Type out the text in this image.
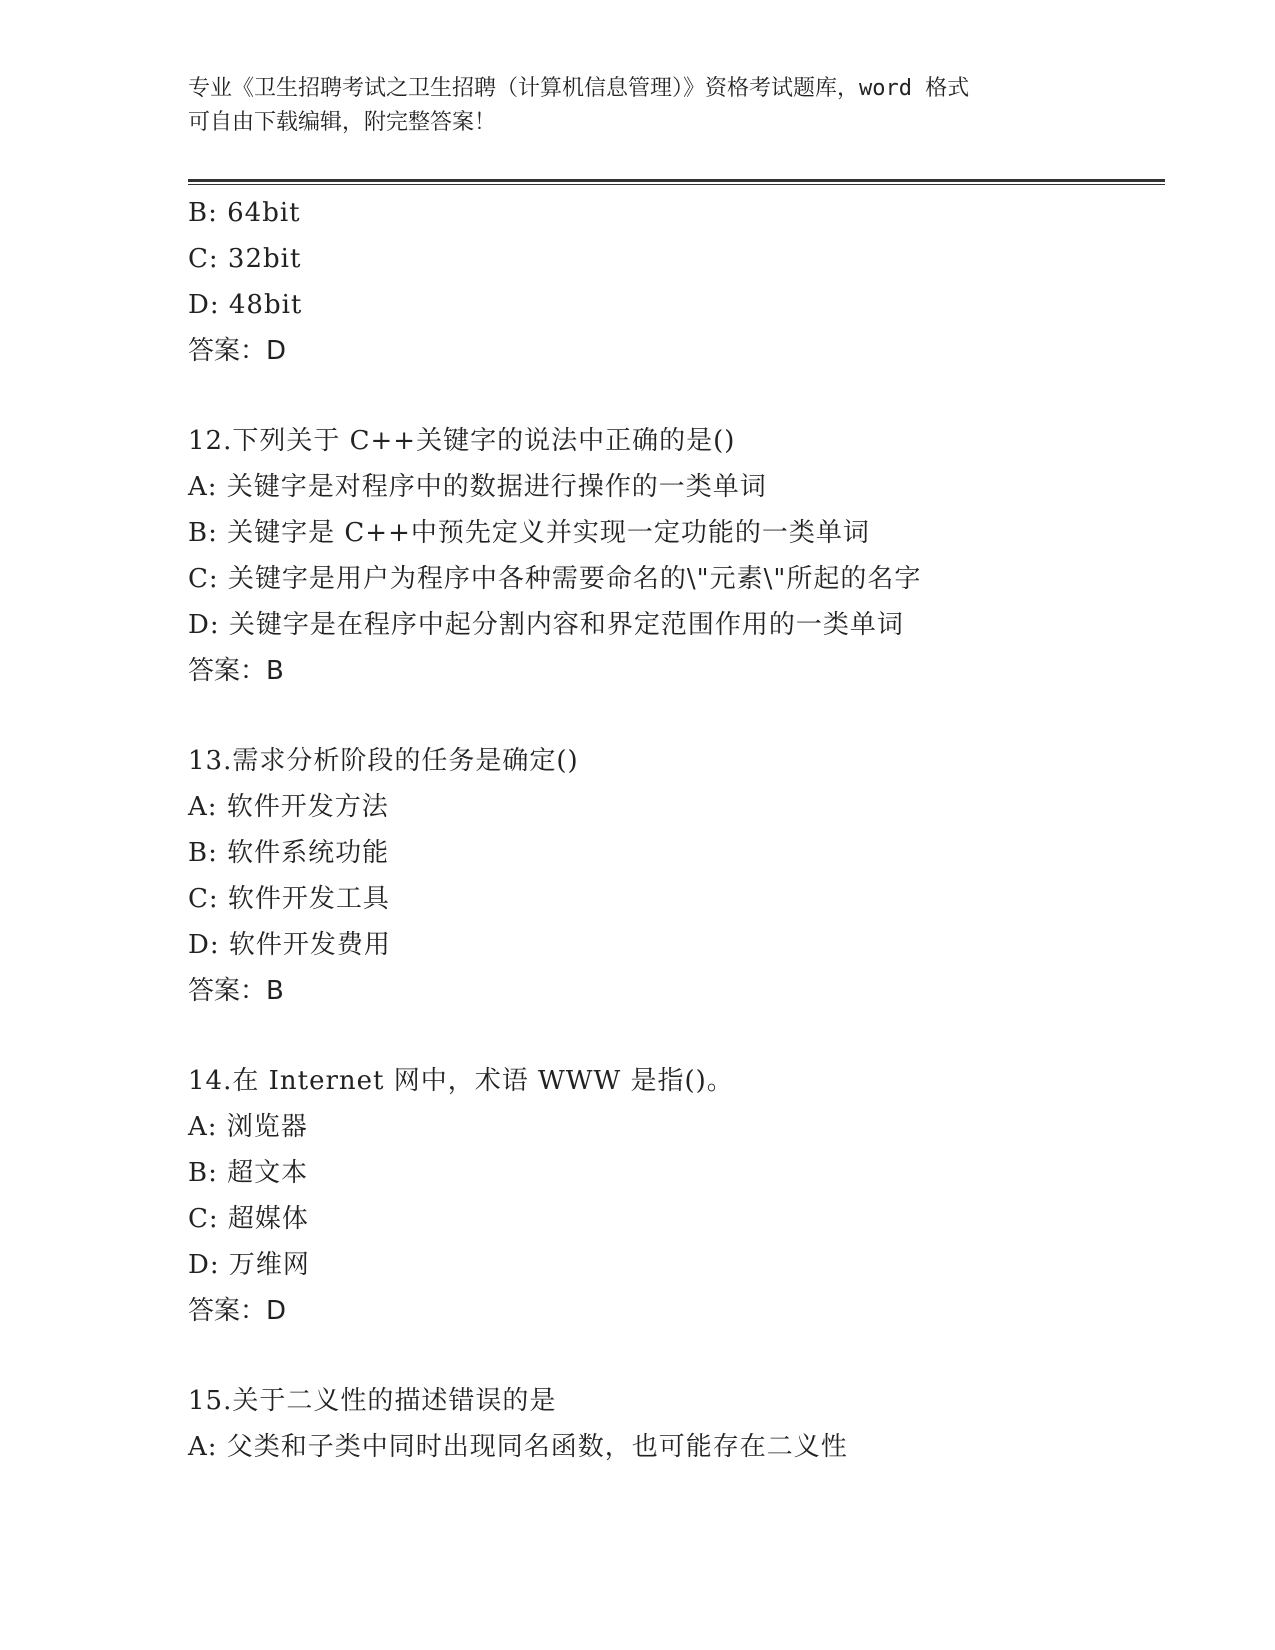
专业《卫生招聘考试之卫生招聘（计算机信息管理）》资格考试题库，word 格式
可自由下载编辑，附完整答案！
B: 64bit
C: 32bit
D: 48bit
答案：D
12.下列关于 C++关键字的说法中正确的是()
A: 关键字是对程序中的数据进行操作的一类单词
B: 关键字是 C++中预先定义并实现一定功能的一类单词
C: 关键字是用户为程序中各种需要命名的\"元素\"所起的名字
D: 关键字是在程序中起分割内容和界定范围作用的一类单词
答案：B
13.需求分析阶段的任务是确定()
A: 软件开发方法
B: 软件系统功能
C: 软件开发工具
D: 软件开发费用
答案：B
14.在 Internet 网中，术语 WWW 是指()。
A: 浏览器
B: 超文本
C: 超媒体
D: 万维网
答案：D
15.关于二义性的描述错误的是
A: 父类和子类中同时出现同名函数，也可能存在二义性
